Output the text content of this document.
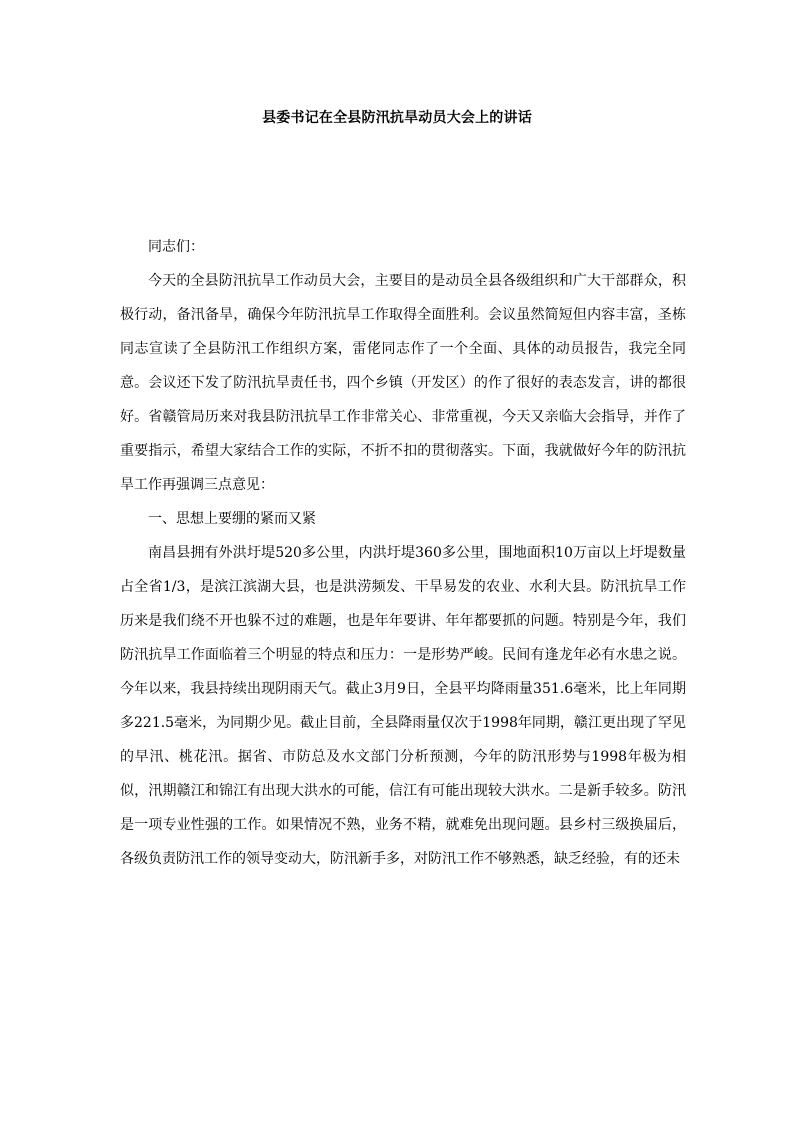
县委书记在全县防汛抗旱动员大会上的讲话

同志们：

今天的全县防汛抗旱工作动员大会，主要目的是动员全县各级组织和广大干部群众，积极行动，备汛备旱，确保今年防汛抗旱工作取得全面胜利。会议虽然简短但内容丰富，圣栋同志宣读了全县防汛工作组织方案，雷佬同志作了一个全面、具体的动员报告，我完全同意。会议还下发了防汛抗旱责任书，四个乡镇（开发区）的作了很好的表态发言，讲的都很好。省赣管局历来对我县防汛抗旱工作非常关心、非常重视，今天又亲临大会指导，并作了重要指示，希望大家结合工作的实际，不折不扣的贯彻落实。下面，我就做好今年的防汛抗旱工作再强调三点意见：

一、思想上要绷的紧而又紧

南昌县拥有外洪圩堤520多公里，内洪圩堤360多公里，围地面积10万亩以上圩堤数量占全省1/3，是滨江滨湖大县，也是洪涝频发、干旱易发的农业、水利大县。防汛抗旱工作历来是我们绕不开也躲不过的难题，也是年年要讲、年年都要抓的问题。特别是今年，我们防汛抗旱工作面临着三个明显的特点和压力：一是形势严峻。民间有逢龙年必有水患之说。今年以来，我县持续出现阴雨天气。截止3月9日，全县平均降雨量351.6毫米，比上年同期多221.5毫米，为同期少见。截止目前，全县降雨量仅次于1998年同期，赣江更出现了罕见的早汛、桃花汛。据省、市防总及水文部门分析预测，今年的防汛形势与1998年极为相似，汛期赣江和锦江有出现大洪水的可能，信江有可能出现较大洪水。二是新手较多。防汛是一项专业性强的工作。如果情况不熟，业务不精，就难免出现问题。县乡村三级换届后，各级负责防汛工作的领导变动大，防汛新手多，对防汛工作不够熟悉，缺乏经验，有的还未
